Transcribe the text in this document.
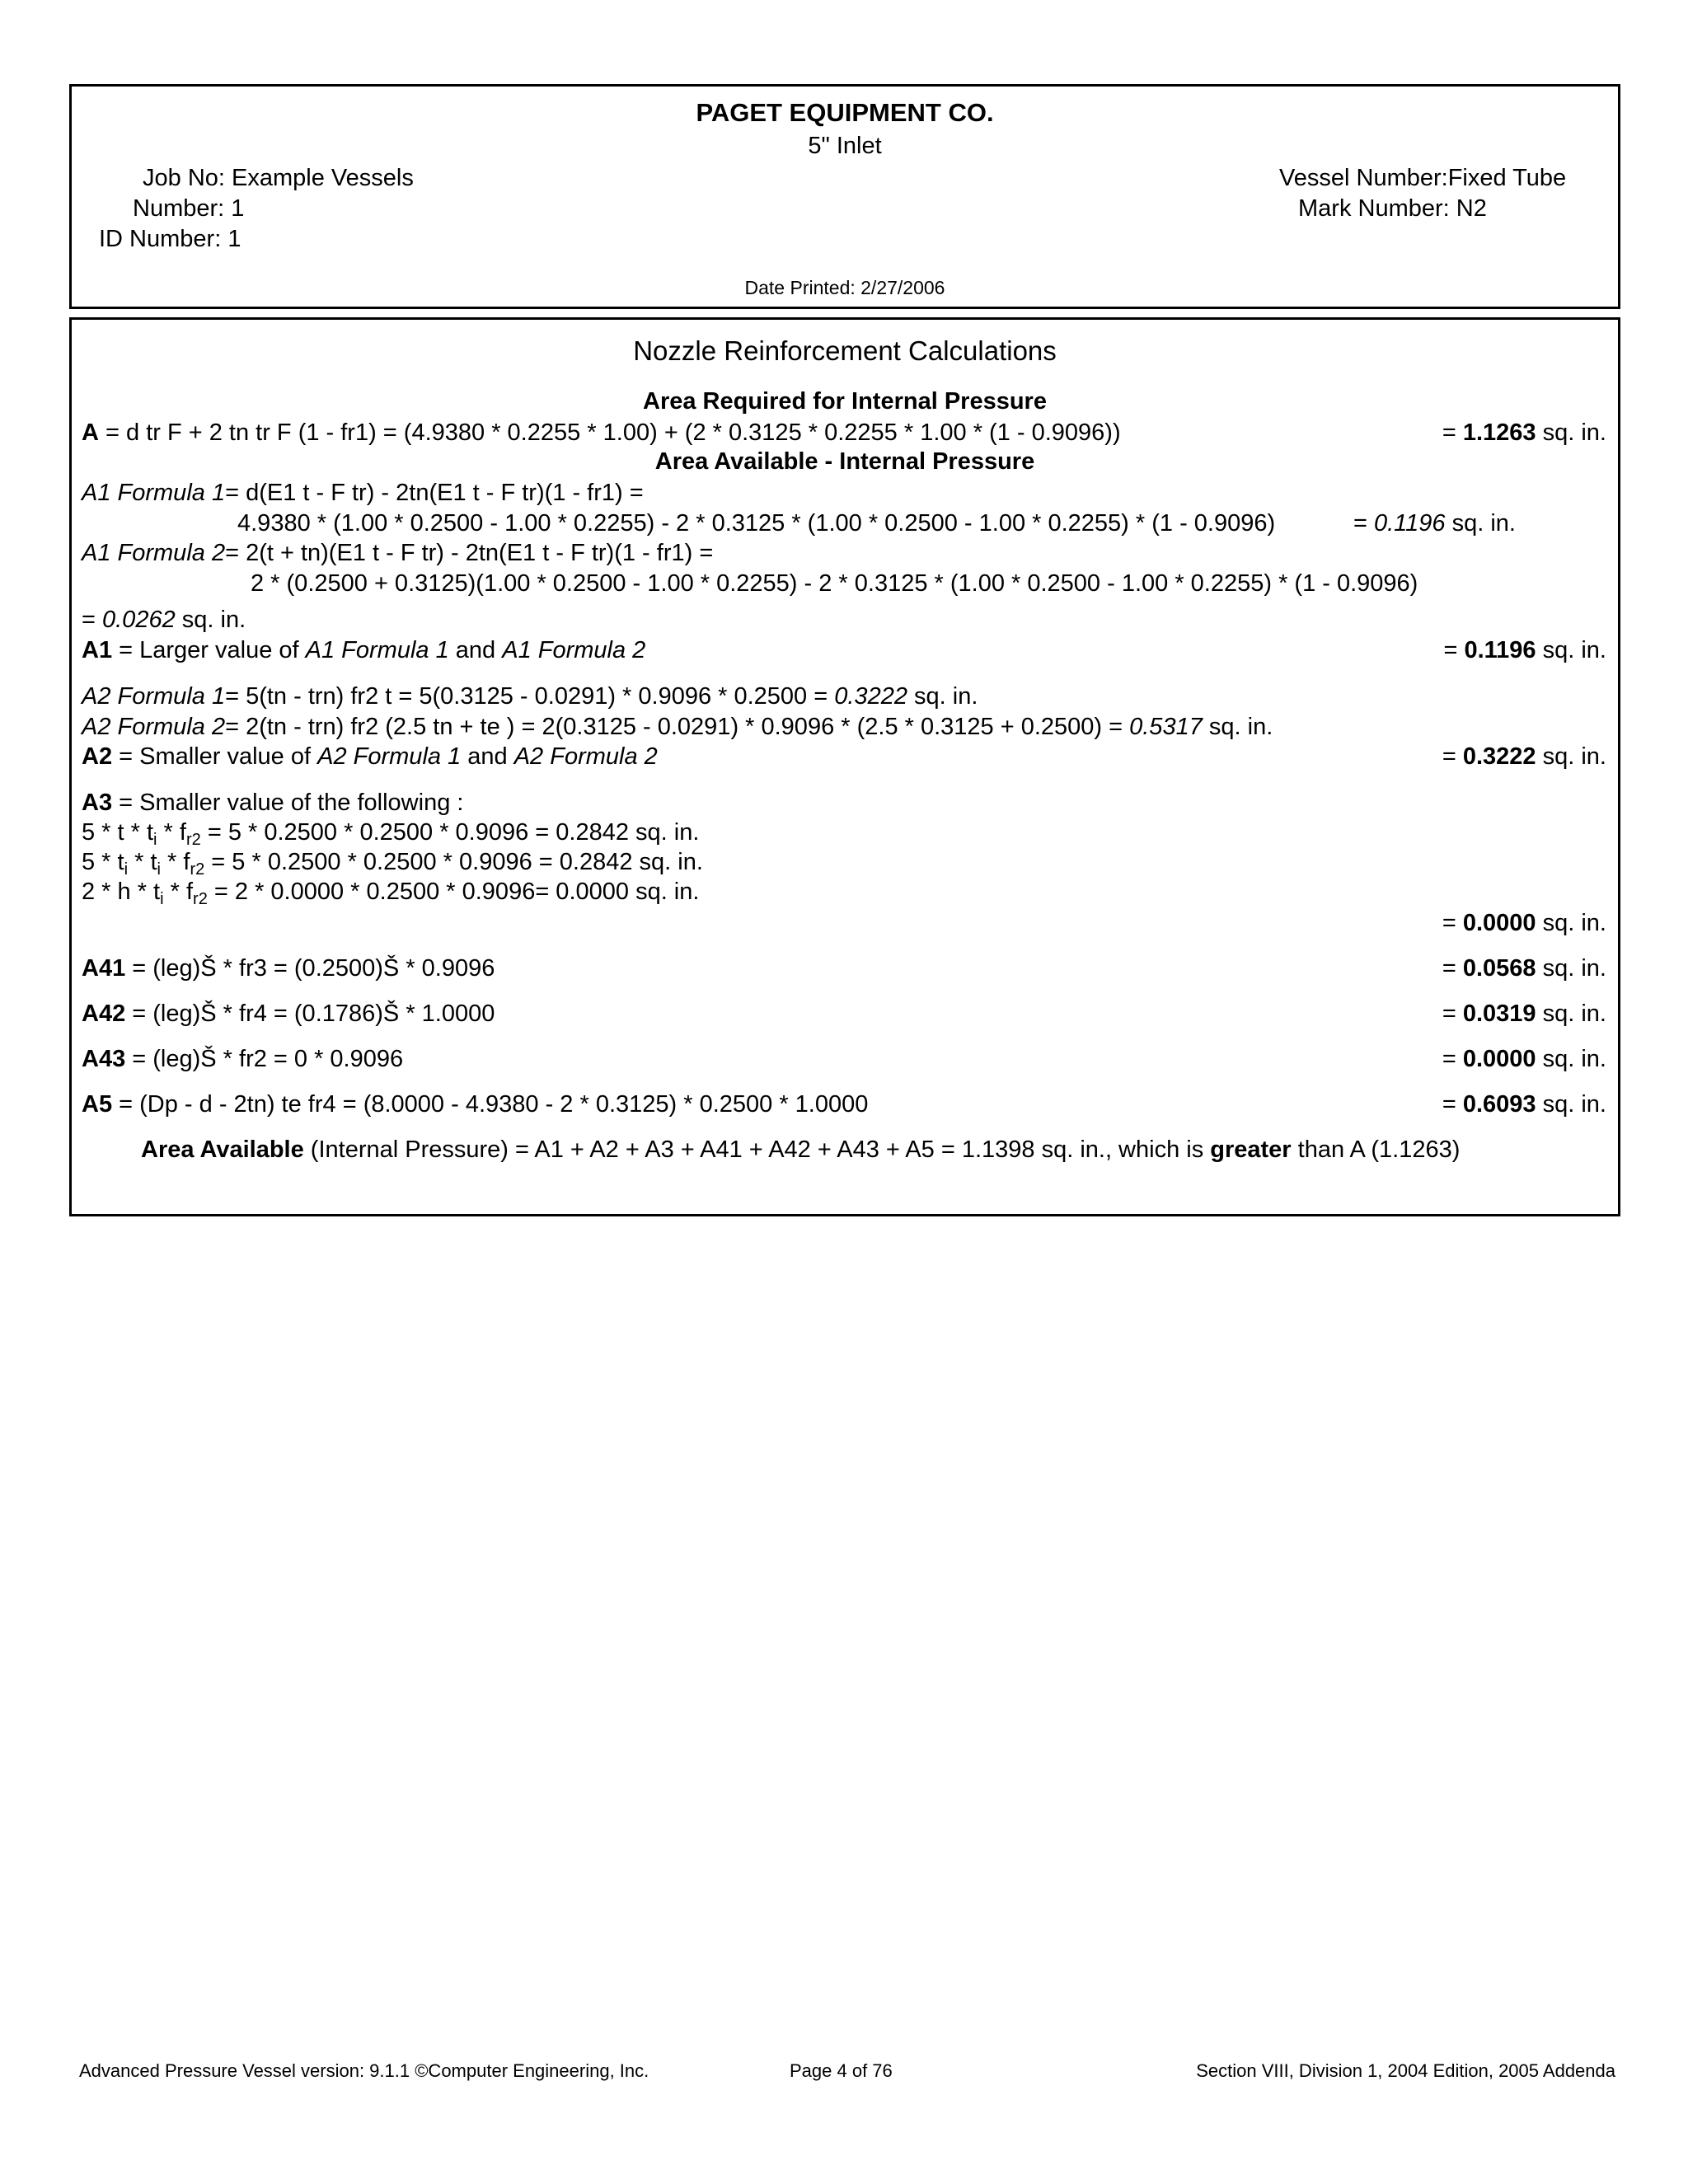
PAGET EQUIPMENT CO.
5" Inlet
Job No: Example Vessels
Number: 1
ID Number: 1
Vessel Number:Fixed Tube
Mark Number: N2
Date Printed: 2/27/2006
Nozzle Reinforcement Calculations
Area Required for Internal Pressure
A = d tr F + 2 tn tr F (1 - fr1) = (4.9380 * 0.2255 * 1.00) + (2 * 0.3125 * 0.2255 * 1.00 * (1 - 0.9096))	= 1.1263 sq. in.
Area Available - Internal Pressure
A1 Formula 1= d(E1 t - F tr) - 2tn(E1 t - F tr)(1 - fr1) =
4.9380 * (1.00 * 0.2500 - 1.00 * 0.2255) - 2 * 0.3125 * (1.00 * 0.2500 - 1.00 * 0.2255) * (1 - 0.9096)	= 0.1196 sq. in.
A1 Formula 2= 2(t + tn)(E1 t - F tr) - 2tn(E1 t - F tr)(1 - fr1) =
2 * (0.2500 + 0.3125)(1.00 * 0.2500 - 1.00 * 0.2255) - 2 * 0.3125 * (1.00 * 0.2500 - 1.00 * 0.2255) * (1 - 0.9096)
= 0.0262 sq. in.
A1 = Larger value of A1 Formula 1 and A1 Formula 2	= 0.1196 sq. in.
A2 Formula 1= 5(tn - trn) fr2 t = 5(0.3125 - 0.0291) * 0.9096 * 0.2500 = 0.3222 sq. in.
A2 Formula 2= 2(tn - trn) fr2 (2.5 tn + te ) = 2(0.3125 - 0.0291) * 0.9096 * (2.5 * 0.3125 + 0.2500) = 0.5317 sq. in.
A2 = Smaller value of A2 Formula 1 and A2 Formula 2	= 0.3222 sq. in.
A3 = Smaller value of the following :
$5 * t * t_i * f_{r2} = 5 * 0.2500 * 0.2500 * 0.9096 = 0.2842$ sq. in.
$5 * t_i * t_i * f_{r2} = 5 * 0.2500 * 0.2500 * 0.9096 = 0.2842$ sq. in.
$2 * h * t_i * f_{r2} = 2 * 0.0000 * 0.2500 * 0.9096= 0.0000$ sq. in.
= 0.0000 sq. in.
A41 = (leg)Š * fr3 = (0.2500)Š * 0.9096	= 0.0568 sq. in.
A42 = (leg)Š * fr4 = (0.1786)Š * 1.0000	= 0.0319 sq. in.
A43 = (leg)Š * fr2 = 0 * 0.9096	= 0.0000 sq. in.
A5 = (Dp - d - 2tn) te fr4 = (8.0000 - 4.9380 - 2 * 0.3125) * 0.2500 * 1.0000	= 0.6093 sq. in.
Area Available (Internal Pressure) = A1 + A2 + A3 + A41 + A42 + A43 + A5 = 1.1398 sq. in., which is greater than A (1.1263)
Advanced Pressure Vessel version: 9.1.1 ©Computer Engineering, Inc.	Page 4 of 76	Section VIII, Division 1, 2004 Edition, 2005 Addenda
